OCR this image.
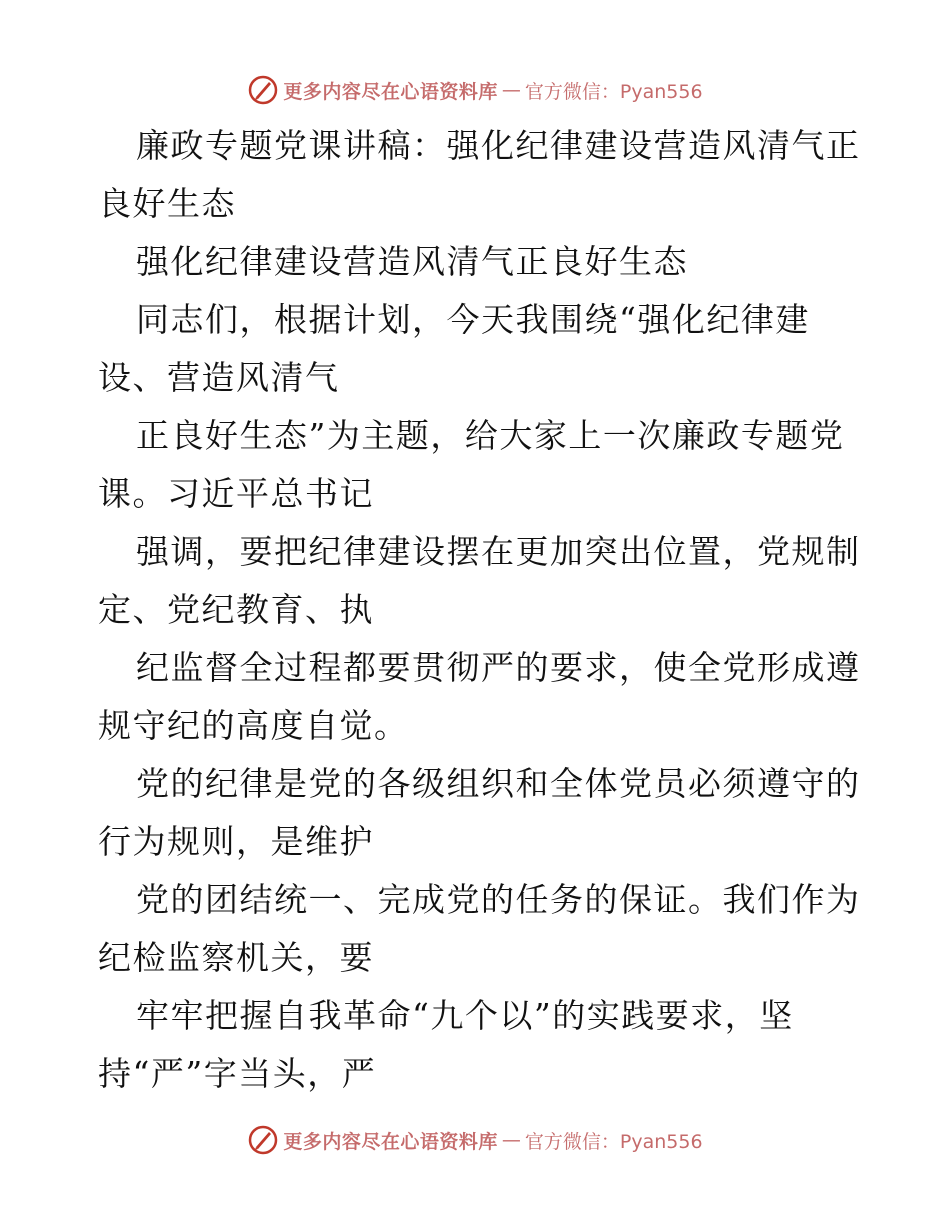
更多内容尽在心语资料库 — 官方微信：Pyan556
廉政专题党课讲稿：强化纪律建设营造风清气正
良好生态
强化纪律建设营造风清气正良好生态
同志们，根据计划，今天我围绕“强化纪律建
设、营造风清气
正良好生态”为主题，给大家上一次廉政专题党
课。习近平总书记
强调，要把纪律建设摆在更加突出位置，党规制
定、党纪教育、执
纪监督全过程都要贯彻严的要求，使全党形成遵
规守纪的高度自觉。
党的纪律是党的各级组织和全体党员必须遵守的
行为规则，是维护
党的团结统一、完成党的任务的保证。我们作为
纪检监察机关，要
牢牢把握自我革命“九个以”的实践要求，坚
持“严”字当头，严
更多内容尽在心语资料库 — 官方微信：Pyan556
